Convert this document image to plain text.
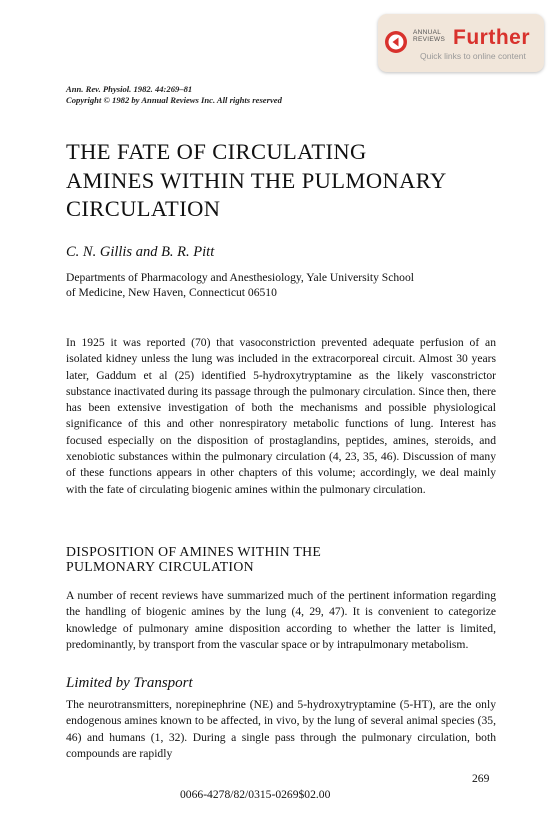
ANNUAL
REVIEWS Further
Quick links to online content
Ann. Rev. Physiol. 1982. 44:269–81
Copyright © 1982 by Annual Reviews Inc. All rights reserved
THE FATE OF CIRCULATING
AMINES WITHIN THE PULMONARY
CIRCULATION
C. N. Gillis and B. R. Pitt
Departments of Pharmacology and Anesthesiology, Yale University School
of Medicine, New Haven, Connecticut 06510

In 1925 it was reported (70) that vasoconstriction prevented adequate perfusion of an isolated kidney unless the lung was included in the extracorporeal circuit. Almost 30 years later, Gaddum et al (25) identified 5-hydroxytryptamine as the likely vasconstrictor substance inactivated during its passage through the pulmonary circulation. Since then, there has been extensive investigation of both the mechanisms and possible physiological significance of this and other nonrespiratory metabolic functions of lung. Interest has focused especially on the disposition of prostaglandins, peptides, amines, steroids, and xenobiotic substances within the pulmonary circulation (4, 23, 35, 46). Discussion of many of these functions appears in other chapters of this volume; accordingly, we deal mainly with the fate of circulating biogenic amines within the pulmonary circulation.

DISPOSITION OF AMINES WITHIN THE
PULMONARY CIRCULATION

A number of recent reviews have summarized much of the pertinent information regarding the handling of biogenic amines by the lung (4, 29, 47). It is convenient to categorize knowledge of pulmonary amine disposition according to whether the latter is limited, predominantly, by transport from the vascular space or by intrapulmonary metabolism.

Limited by Transport

The neurotransmitters, norepinephrine (NE) and 5-hydroxytryptamine (5-HT), are the only endogenous amines known to be affected, in vivo, by the lung of several animal species (35, 46) and humans (1, 32). During a single pass through the pulmonary circulation, both compounds are rapidly

269
0066-4278/82/0315-0269$02.00
